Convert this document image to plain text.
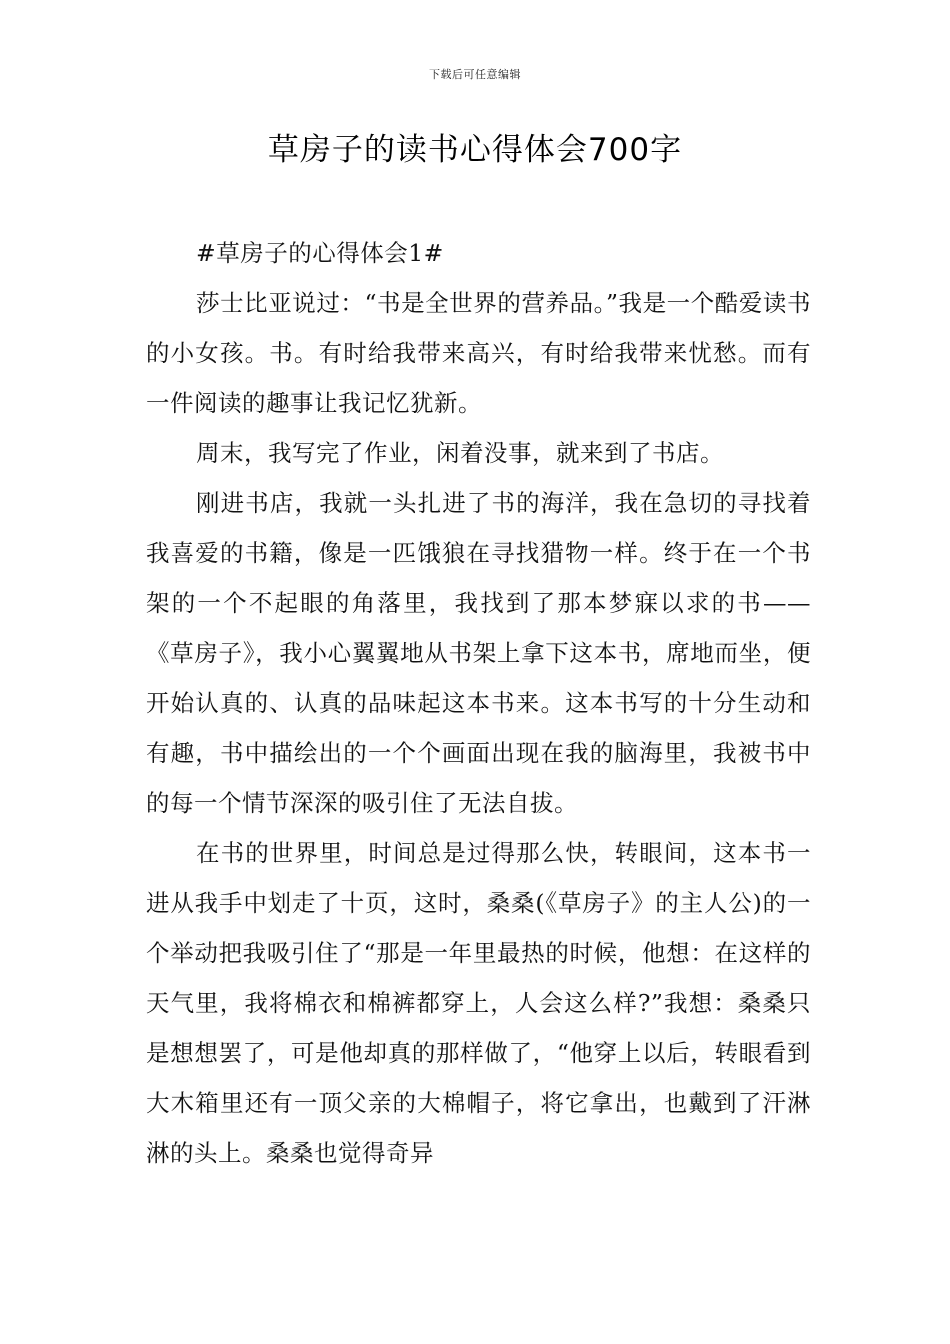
下载后可任意编辑
草房子的读书心得体会700字

#草房子的心得体会1#

莎士比亚说过：“书是全世界的营养品。”我是一个酷爱读书的小女孩。书。有时给我带来高兴，有时给我带来忧愁。而有一件阅读的趣事让我记忆犹新。

周末，我写完了作业，闲着没事，就来到了书店。

刚进书店，我就一头扎进了书的海洋，我在急切的寻找着我喜爱的书籍，像是一匹饿狼在寻找猎物一样。终于在一个书架的一个不起眼的角落里，我找到了那本梦寐以求的书——《草房子》，我小心翼翼地从书架上拿下这本书，席地而坐，便开始认真的、认真的品味起这本书来。这本书写的十分生动和有趣，书中描绘出的一个个画面出现在我的脑海里，我被书中的每一个情节深深的吸引住了无法自拔。

在书的世界里，时间总是过得那么快，转眼间，这本书一进从我手中划走了十页，这时，桑桑(《草房子》的主人公)的一个举动把我吸引住了“那是一年里最热的时候，他想：在这样的天气里，我将棉衣和棉裤都穿上，人会这么样?”我想：桑桑只是想想罢了，可是他却真的那样做了，“他穿上以后，转眼看到大木箱里还有一顶父亲的大棉帽子，将它拿出，也戴到了汗淋淋的头上。桑桑也觉得奇异
